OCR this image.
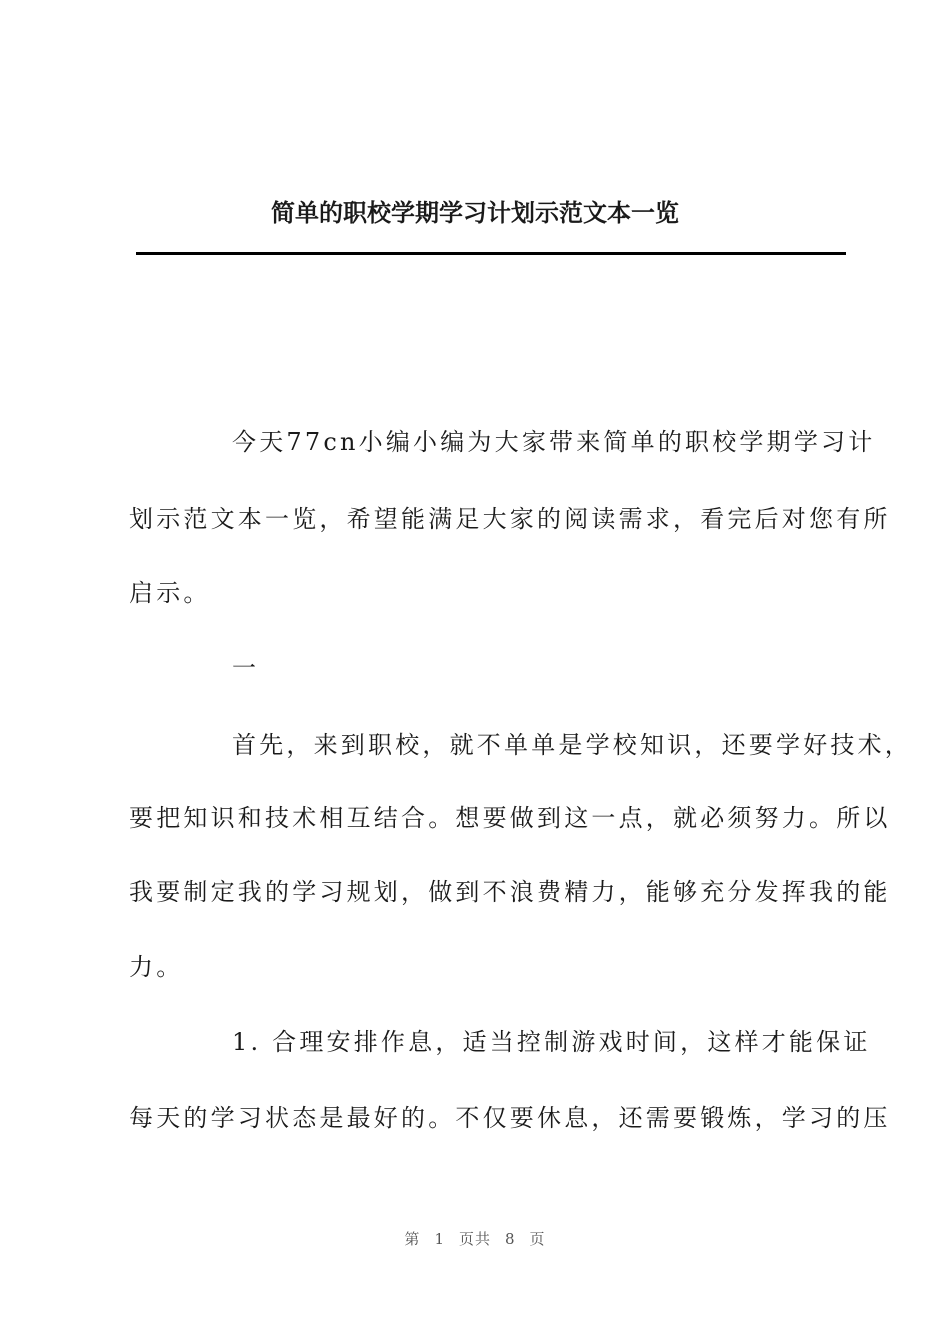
简单的职校学期学习计划示范文本一览

今天77cn小编小编为大家带来简单的职校学期学习计

划示范文本一览，希望能满足大家的阅读需求，看完后对您有所

启示。

一

首先，来到职校，就不单单是学校知识，还要学好技术，

要把知识和技术相互结合。想要做到这一点，就必须努力。所以

我要制定我的学习规划，做到不浪费精力，能够充分发挥我的能

力。

1. 合理安排作息，适当控制游戏时间，这样才能保证

每天的学习状态是最好的。不仅要休息，还需要锻炼，学习的压

第 1 页共 8 页
